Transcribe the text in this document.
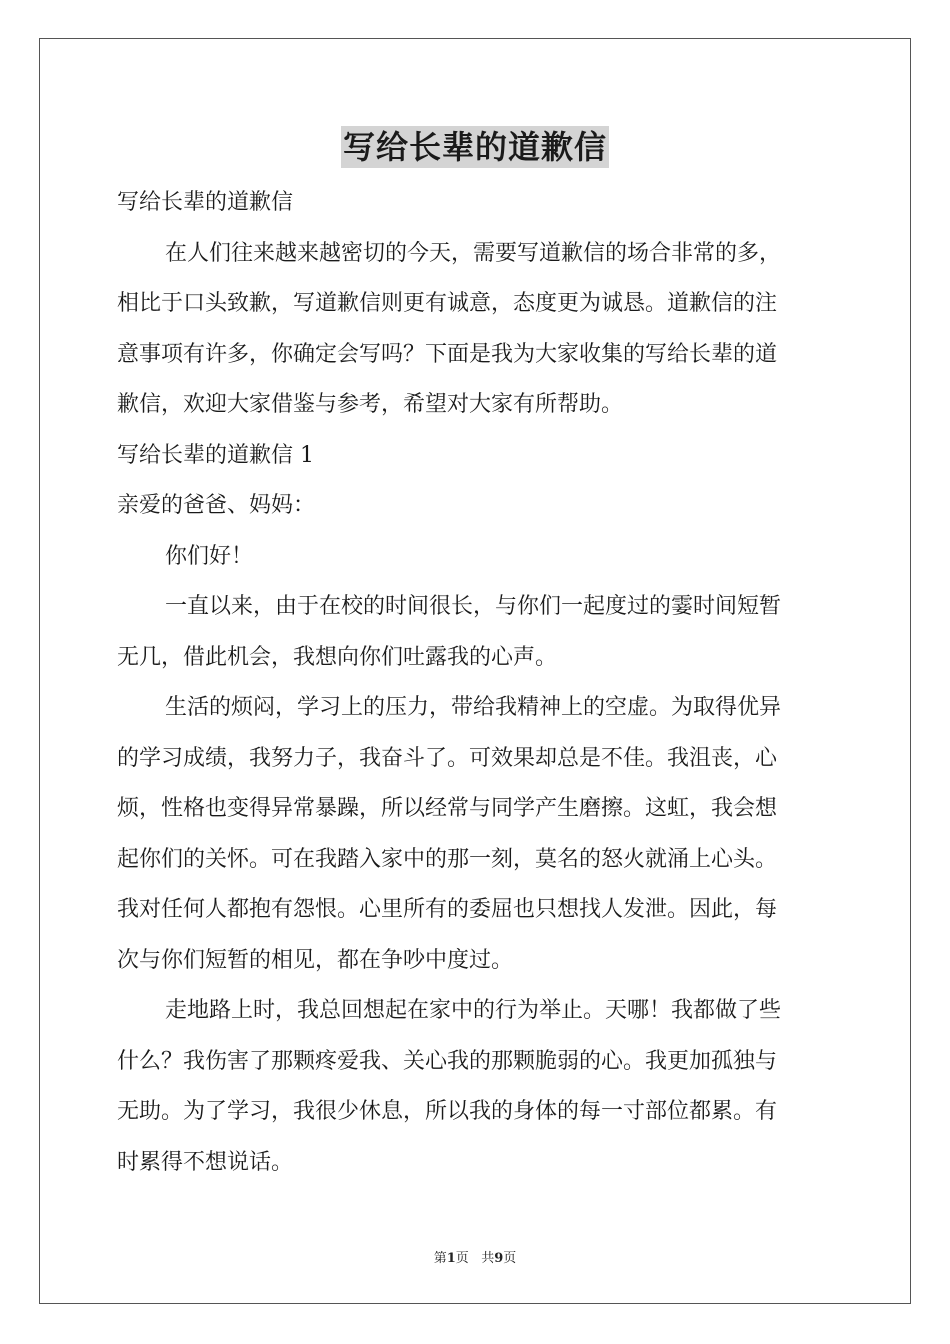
写给长辈的道歉信
写给长辈的道歉信
在人们往来越来越密切的今天，需要写道歉信的场合非常的多，
相比于口头致歉，写道歉信则更有诚意，态度更为诚恳。道歉信的注
意事项有许多，你确定会写吗？下面是我为大家收集的写给长辈的道
歉信，欢迎大家借鉴与参考，希望对大家有所帮助。
写给长辈的道歉信 1
亲爱的爸爸、妈妈：
你们好！
一直以来，由于在校的时间很长，与你们一起度过的霎时间短暂
无几，借此机会，我想向你们吐露我的心声。
生活的烦闷，学习上的压力，带给我精神上的空虚。为取得优异
的学习成绩，我努力子，我奋斗了。可效果却总是不佳。我沮丧，心
烦，性格也变得异常暴躁，所以经常与同学产生磨擦。这虹，我会想
起你们的关怀。可在我踏入家中的那一刻，莫名的怒火就涌上心头。
我对任何人都抱有怨恨。心里所有的委屈也只想找人发泄。因此，每
次与你们短暂的相见，都在争吵中度过。
走地路上时，我总回想起在家中的行为举止。天哪！我都做了些
什么？我伤害了那颗疼爱我、关心我的那颗脆弱的心。我更加孤独与
无助。为了学习，我很少休息，所以我的身体的每一寸部位都累。有
时累得不想说话。
第1页 共9页
